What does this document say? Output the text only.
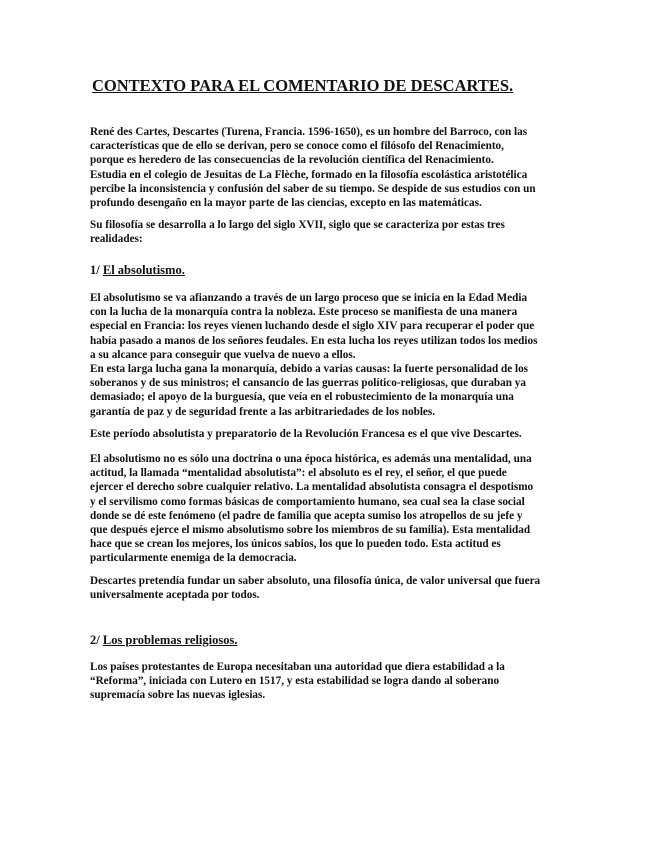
CONTEXTO PARA EL COMENTARIO DE DESCARTES.
René des Cartes, Descartes (Turena, Francia. 1596-1650), es un hombre del Barroco, con las
características que de ello se derivan, pero se conoce como el filósofo del Renacimiento,
porque es heredero de las consecuencias de la revolución científica del Renacimiento.
Estudia en el colegio de Jesuitas de La Flèche, formado en la filosofía escolástica aristotélica
percibe la inconsistencia y confusión del saber de su tiempo. Se despide de sus estudios con un
profundo desengaño en la mayor parte de las ciencias, excepto en las matemáticas.
Su filosofía se desarrolla a lo largo del siglo XVII, siglo que se caracteriza por estas tres
realidades:
1/ El absolutismo.
El absolutismo se va afianzando a través de un largo proceso que se inicia en la Edad Media
con la lucha de la monarquía contra la nobleza. Este proceso se manifiesta de una manera
especial en Francia: los reyes vienen luchando desde el siglo XIV para recuperar el poder que
había pasado a manos de los señores feudales. En esta lucha los reyes utilizan todos los medios
a su alcance para conseguir que vuelva de nuevo a ellos.
En esta larga lucha gana la monarquía, debido a varias causas: la fuerte personalidad de los
soberanos y de sus ministros; el cansancio de las guerras político-religiosas, que duraban ya
demasiado; el apoyo de la burguesía, que veía en el robustecimiento de la monarquía una
garantía de paz y de seguridad frente a las arbitrariedades de los nobles.
Este período absolutista y preparatorio de la Revolución Francesa es el que vive Descartes.
El absolutismo no es sólo una doctrina o una época histórica, es además una mentalidad, una
actitud, la llamada “mentalidad absolutista”: el absoluto es el rey, el señor, el que puede
ejercer el derecho sobre cualquier relativo. La mentalidad absolutista consagra el despotismo
y el servilismo como formas básicas de comportamiento humano, sea cual sea la clase social
donde se dé este fenómeno (el padre de familia que acepta sumiso los atropellos de su jefe y
que después ejerce el mismo absolutismo sobre los miembros de su familia). Esta mentalidad
hace que se crean los mejores, los únicos sabios, los que lo pueden todo. Esta actitud es
particularmente enemiga de la democracia.
Descartes pretendía fundar un saber absoluto, una filosofía única, de valor universal que fuera
universalmente aceptada por todos.
2/ Los problemas religiosos.
Los países protestantes de Europa necesitaban una autoridad que diera estabilidad a la
“Reforma”, iniciada con Lutero en 1517, y esta estabilidad se logra dando al soberano
supremacía sobre las nuevas iglesias.
